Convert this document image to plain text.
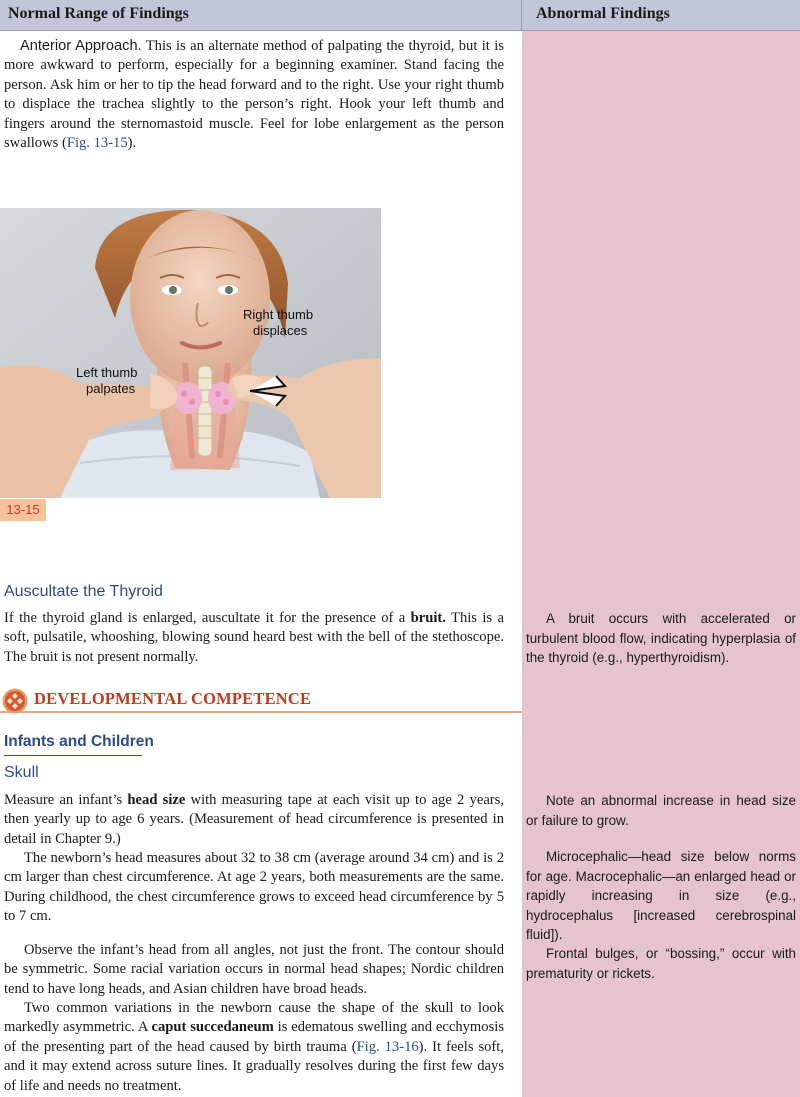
Normal Range of Findings	Abnormal Findings

Anterior Approach. This is an alternate method of palpating the thyroid, but it is more awkward to perform, especially for a beginning examiner. Stand facing the person. Ask him or her to tip the head forward and to the right. Use your right thumb to displace the trachea slightly to the person’s right. Hook your left thumb and fingers around the sternomastoid muscle. Feel for lobe enlargement as the person swallows (Fig. 13-15).

Right thumb
displaces
Left thumb
palpates
13-15
Auscultate the Thyroid

If the thyroid gland is enlarged, auscultate it for the presence of a bruit. This is a soft, pulsatile, whooshing, blowing sound heard best with the bell of the stethoscope. The bruit is not present normally.

A bruit occurs with accelerated or turbulent blood flow, indicating hyperplasia of the thyroid (e.g., hyperthyroidism).

DEVELOPMENTAL COMPETENCE
Infants and Children
Skull

Measure an infant’s head size with measuring tape at each visit up to age 2 years, then yearly up to age 6 years. (Measurement of head circumference is presented in detail in Chapter 9.)

The newborn’s head measures about 32 to 38 cm (average around 34 cm) and is 2 cm larger than chest circumference. At age 2 years, both measurements are the same. During childhood, the chest circumference grows to exceed head circumference by 5 to 7 cm.

Observe the infant’s head from all angles, not just the front. The contour should be symmetric. Some racial variation occurs in normal head shapes; Nordic children tend to have long heads, and Asian children have broad heads.

Two common variations in the newborn cause the shape of the skull to look markedly asymmetric. A caput succedaneum is edematous swelling and ecchymosis of the presenting part of the head caused by birth trauma (Fig. 13-16). It feels soft, and it may extend across suture lines. It gradually resolves during the first few days of life and needs no treatment.

Note an abnormal increase in head size or failure to grow.

Microcephalic—head size below norms for age. Macrocephalic—an enlarged head or rapidly increasing in size (e.g., hydrocephalus [increased cerebrospinal fluid]).

Frontal bulges, or “bossing,” occur with prematurity or rickets.
